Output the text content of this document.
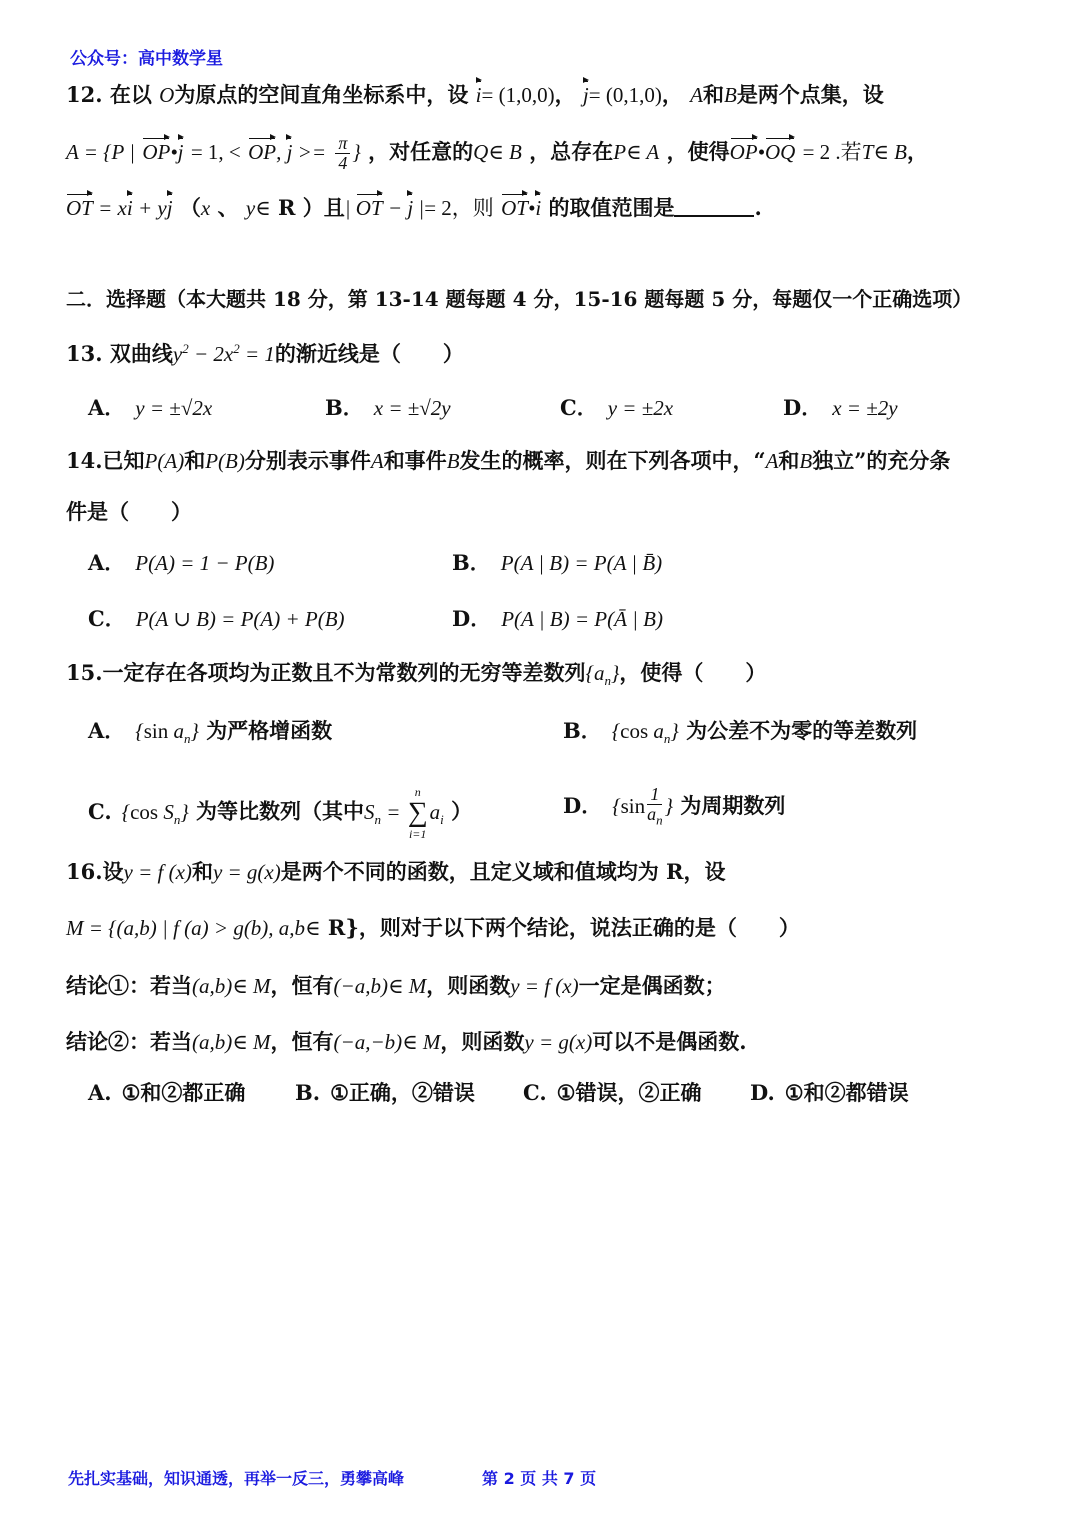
公众号：高中数学星
12. 在以 O为原点的空间直角坐标系中，设 i= (1,0,0)， j= (0,1,0)， A和B是两个点集，设
A = {P | OP•j = 1, < OP, $j >= \frac{\pi}{4}$ } ，对任意的Q∈ B ，总存在P∈ A ，使得OP•OQ = 2 .若T∈ B，
OT = xi + yj （x 、 y∈ R ）且| OT − j |= 2，则 OT•i 的取值范围是	.
二．选择题（本大题共 18 分，第 13-14 题每题 4 分，15-16 题每题 5 分，每题仅一个正确选项）
13. 双曲线$y^2 - 2x^2 = 1$的渐近线是（　　）
A． y = ±√2x	B． x = ±√2y	C． y = ±2x	D． x = ±2y
14.已知P(A)和P(B)分别表示事件A和事件B发生的概率，则在下列各项中，“A和B独立”的充分条
件是（　　）
A． P(A) = 1 − P(B)	B． P(A | B) = P(A | B̄)
C． P(A ∪ B) = P(A) + P(B)	D． P(A | B) = P(Ā | B)
15.一定存在各项均为正数且不为常数列的无穷等差数列$\{a_n\}$，使得（　　）
A． {sin $a_n$} 为严格增函数	B． {cos $a_n$} 为公差不为零的等差数列
C. {cos $S_n$} 为等比数列（其中$S_n$ =
n
∑
i=1
$a_i$ ）	D． {$\sin \frac{1}{a_n}$ } 为周期数列
16.设y = f (x)和y = g(x)是两个不同的函数，且定义域和值域均为 R，设
M = {(a,b) | f (a) > g(b), a,b∈ R}，则对于以下两个结论，说法正确的是（　　）
结论①：若当(a,b)∈ M，恒有(−a,b)∈ M，则函数y = f (x)一定是偶函数；
结论②：若当(a,b)∈ M，恒有(−a,−b)∈ M，则函数y = g(x)可以不是偶函数.
A. ①和②都正确 B. ①正确，②错误 C. ①错误，②正确 D. ①和②都错误
先扎实基础，知识通透，再举一反三，勇攀高峰	第 2 页 共 7 页
